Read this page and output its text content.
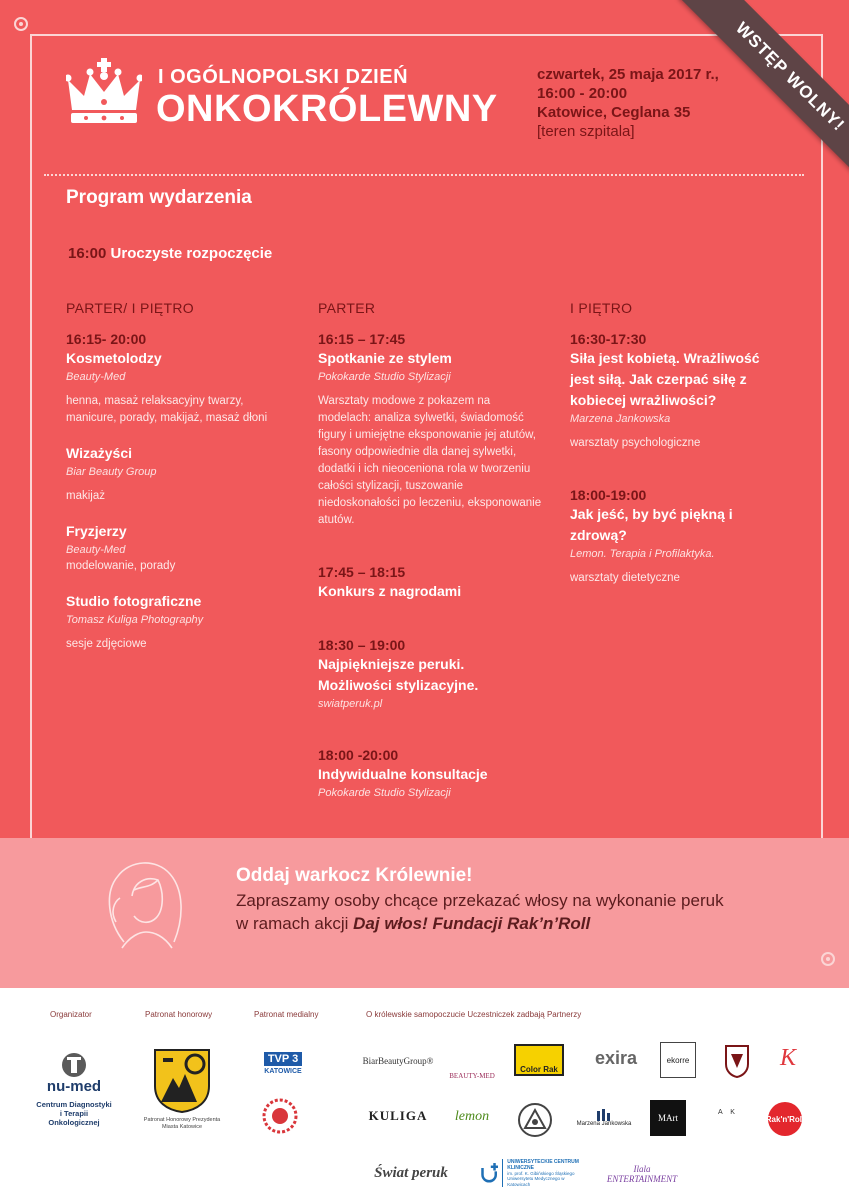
I OGÓLNOPOLSKI DZIEŃ
ONKOKRÓLEWNY
czwartek, 25 maja 2017 r.,
16:00 - 20:00
Katowice, Ceglana 35
[teren szpitala]	WSTĘP WOLNY!
Program wydarzenia
16:00 Uroczyste rozpoczęcie
PARTER/ I PIĘTRO
16:15- 20:00
Kosmetolodzy
Beauty-Med
henna, masaż relaksacyjny twarzy, manicure, porady, makijaż, masaż dłoni
Wizażyści
Biar Beauty Group
makijaż
Fryzjerzy
Beauty-Med
modelowanie, porady
Studio fotograficzne
Tomasz Kuliga Photography
sesje zdjęciowe
PARTER
16:15 – 17:45
Spotkanie ze stylem
Pokokarde Studio Stylizacji
Warsztaty modowe z pokazem na modelach: analiza sylwetki, świadomość figury i umiejętne eksponowanie jej atutów, fasony odpowiednie dla danej sylwetki, dodatki i ich nieoceniona rola w tworzeniu całości stylizacji, tuszowanie niedoskonałości po leczeniu, eksponowanie atutów.
17:45 – 18:15
Konkurs z nagrodami
18:30 – 19:00
Najpiękniejsze peruki. Możliwości stylizacyjne.
swiatperuk.pl
18:00 -20:00
Indywidualne konsultacje
Pokokarde Studio Stylizacji
I PIĘTRO
16:30-17:30
Siła jest kobietą. Wrażliwość jest siłą. Jak czerpać siłę z kobiecej wrażliwości?
Marzena Jankowska
warsztaty psychologiczne
18:00-19:00
Jak jeść, by być piękną i zdrową?
Lemon. Terapia i Profilaktyka.
warsztaty dietetyczne
Oddaj warkocz Królewnie!
Zapraszamy osoby chcące przekazać włosy na wykonanie peruk w ramach akcji Daj włos! Fundacji Rak’n’Roll
Organizator	Patronat honorowy	Patronat medialny	O królewskie samopoczucie Uczestniczek zadbają Partnerzy
nu-med
Centrum Diagnostyki i Terapii Onkologicznej	Patronat Honorowy Prezydenta Miasta Katowice
TVP 3
KATOWICE
BiarBeautyGroup®
BEAUTY-MED
Color Rak
exira	ekorre	K
KULIGA	lemon	Marzena Jankowska
MArt
A K
Rak'n'Roll
Świat peruk
UNIWERSYTECKIE CENTRUM KLINICZNE
im. prof. K. Gibińskiego Śląskiego Uniwersytetu Medycznego w Katowicach
Ilala ENTERTAINMENT
